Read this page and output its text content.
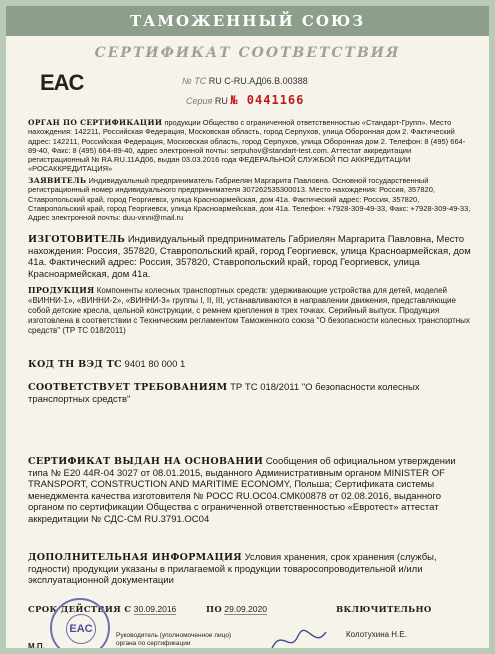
ТАМОЖЕННЫЙ СОЮЗ
СЕРТИФИКАТ СООТВЕТСТВИЯ
EAC	№ ТС RU C-RU.АД06.В.00388
Серия RU № 0441166
ОРГАН ПО СЕРТИФИКАЦИИ продукции Общество с ограниченной ответственностью «Стандарт-Групп». Место нахождения: 142211, Российская Федерация, Московская область, город Серпухов, улица Оборонная дом 2. Фактический адрес: 142211, Российская Федерация, Московская область, город Серпухов, улица Оборонная дом 2. Телефон: 8 (495) 664-89-40, Факс: 8 (495) 664-89-40, адрес электронной почты: serpuhov@standart-test.com. Аттестат аккредитации регистрационный № RA.RU.11АД06, выдан 03.03.2016 года ФЕДЕРАЛЬНОЙ СЛУЖБОЙ ПО АККРЕДИТАЦИИ «РОСАККРЕДИТАЦИЯ»
ЗАЯВИТЕЛЬ Индивидуальный предприниматель Габриелян Маргарита Павловна. Основной государственный регистрационный номер индивидуального предпринимателя 307262535300013. Место нахождения: Россия, 357820, Ставропольский край, город Георгиевск, улица Красноармейская, дом 41а. Фактический адрес: Россия, 357820, Ставропольский край, город Георгиевск, улица Красноармейская, дом 41а. Телефон: +7928-309-49-33, Факс: +7928-309-49-33, Адрес электронной почты: duu-vinni@mail.ru
ИЗГОТОВИТЕЛЬ Индивидуальный предприниматель Габриелян Маргарита Павловна, Место нахождения: Россия, 357820, Ставропольский край, город Георгиевск, улица Красноармейская, дом 41а. Фактический адрес: Россия, 357820, Ставропольский край, город Георгиевск, улица Красноармейская, дом 41а.
ПРОДУКЦИЯ Компоненты колесных транспортных средств: удерживающие устройства для детей, моделей «ВИННИ-1», «ВИННИ-2», «ВИННИ-3» группы I, II, III, устанавливаются в направлении движения, представляющие собой детские кресла, цельной конструкции, с ремнем крепления в трех точках. Серийный выпуск. Продукция изготовлена в соответствии с Техническим регламентом Таможенного союза "О безопасности колесных транспортных средств" (ТР ТС 018/2011)
КОД ТН ВЭД ТС 9401 80 000 1
СООТВЕТСТВУЕТ ТРЕБОВАНИЯМ ТР ТС 018/2011 "О безопасности колесных транспортных средств"
СЕРТИФИКАТ ВЫДАН НА ОСНОВАНИИ Сообщения об официальном утверждении типа № E20 44R-04 3027 от 08.01.2015, выданного Административным органом MINISTER OF TRANSPORT, CONSTRUCTION AND MARITIME ECONOMY, Польша; Сертификата системы менеджмента качества изготовителя № РОСС RU.ОС04.СМК00878 от 02.08.2016, выданного органом по сертификации Общества с ограниченной ответственностью «Евротест» аттестат аккредитации № СДС-СМ RU.3791.ОС04
ДОПОЛНИТЕЛЬНАЯ ИНФОРМАЦИЯ Условия хранения, срок хранения (службы, годности) продукции указаны в прилагаемой к продукции товаросопроводительной и/или эксплуатационной документации
СРОК ДЕЙСТВИЯ С 30.09.2016	ПО 29.09.2020	ВКЛЮЧИТЕЛЬНО
EAC
М.П.
Руководитель (уполномоченное лицо) органа по сертификации
Колотухина Н.Е.
Васюкевич Д.В.
